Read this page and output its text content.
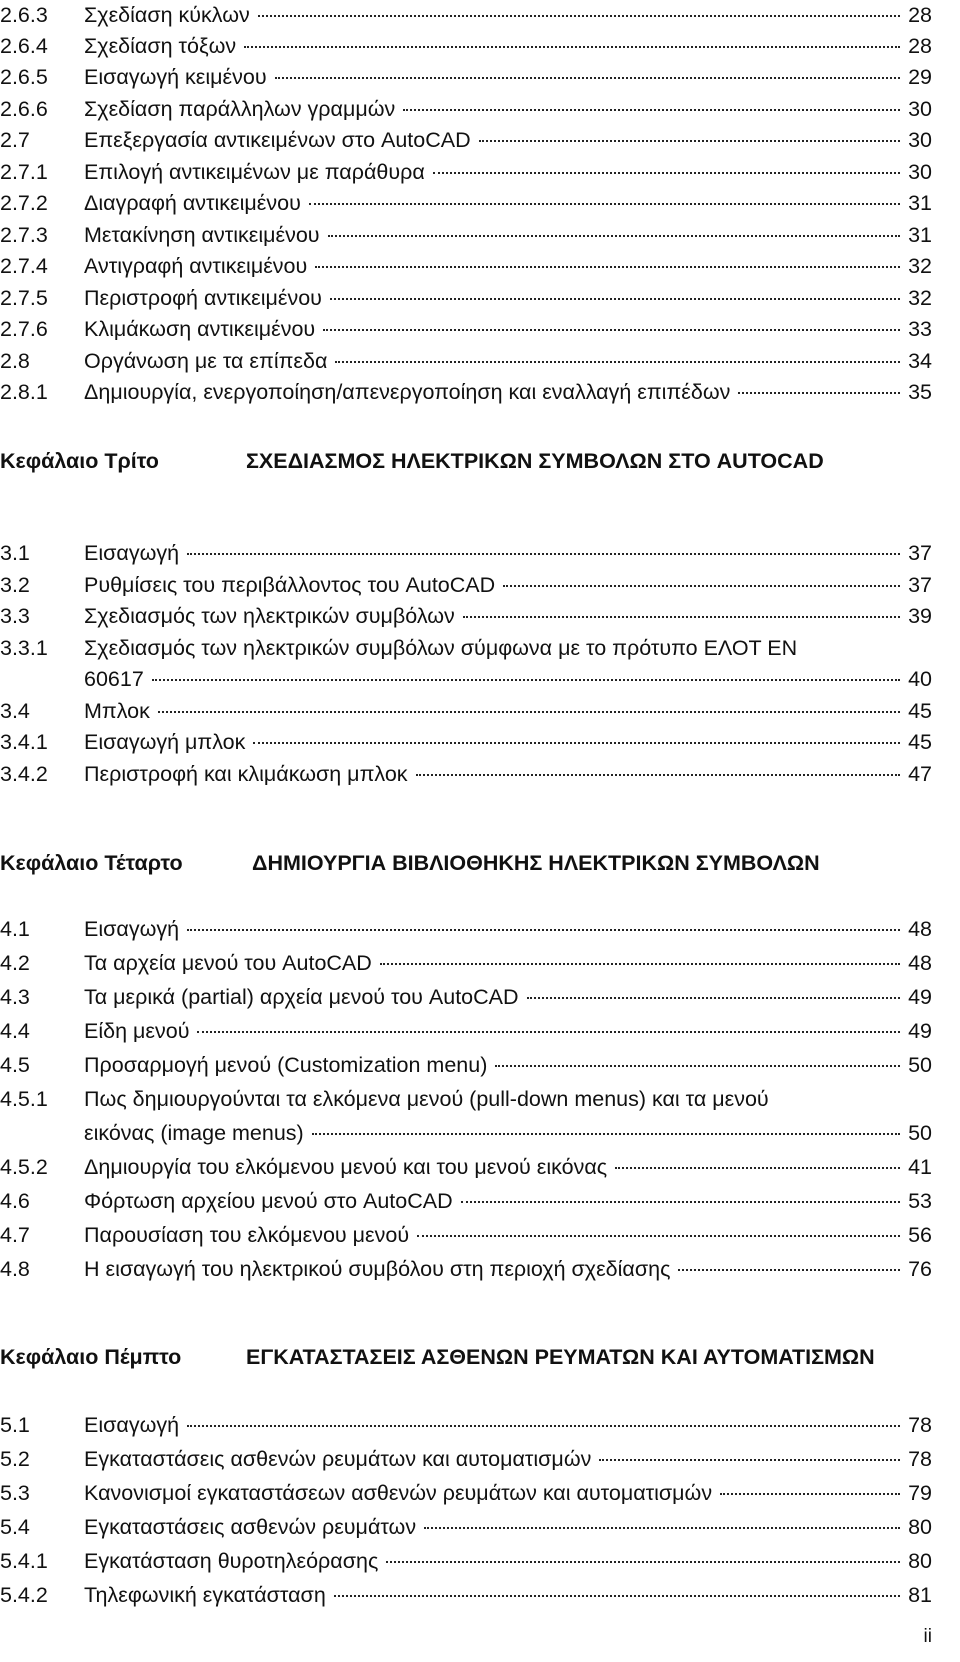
2.6.3 Σχεδίαση κύκλων	28
2.6.4 Σχεδίαση τόξων	28
2.6.5 Εισαγωγή κειμένου	29
2.6.6 Σχεδίαση παράλληλων γραμμών	30
2.7	Επεξεργασία αντικειμένων στο AutoCAD	30
2.7.1 Επιλογή αντικειμένων με παράθυρα	30
2.7.2 Διαγραφή αντικειμένου	31
2.7.3 Μετακίνηση αντικειμένου	31
2.7.4 Αντιγραφή αντικειμένου	32
2.7.5 Περιστροφή αντικειμένου	32
2.7.6 Κλιμάκωση αντικειμένου	33
2.8	Οργάνωση με τα επίπεδα	34
2.8.1 Δημιουργία, ενεργοποίηση/απενεργοποίηση και εναλλαγή επιπέδων	35
Κεφάλαιο Τρίτο	ΣΧΕΔΙΑΣΜΟΣ ΗΛΕΚΤΡΙΚΩΝ ΣΥΜΒΟΛΩΝ ΣΤΟ AUTOCAD
3.1	Εισαγωγή	37
3.2	Ρυθμίσεις του περιβάλλοντος του AutoCAD	37
3.3	Σχεδιασμός των ηλεκτρικών συμβόλων	39
3.3.1 Σχεδιασμός των ηλεκτρικών συμβόλων σύμφωνα με το πρότυπο ΕΛΟΤ ΕΝ
60617	40
3.4	Μπλοκ	45
3.4.1 Εισαγωγή μπλοκ	45
3.4.2 Περιστροφή και κλιμάκωση μπλοκ	47
Κεφάλαιο Τέταρτο	ΔΗΜΙΟΥΡΓΙΑ ΒΙΒΛΙΟΘΗΚΗΣ ΗΛΕΚΤΡΙΚΩΝ ΣΥΜΒΟΛΩΝ
4.1	Εισαγωγή	48
4.2	Τα αρχεία μενού του AutoCAD	48
4.3	Τα μερικά (partial) αρχεία μενού του AutoCAD	49
4.4	Είδη μενού	49
4.5	Προσαρμογή μενού (Customization menu)	50
4.5.1 Πως δημιουργούνται τα ελκόμενα μενού (pull-down menus) και τα μενού
εικόνας (image menus)	50
4.5.2 Δημιουργία του ελκόμενου μενού και του μενού εικόνας	41
4.6	Φόρτωση αρχείου μενού στο AutoCAD	53
4.7	Παρουσίαση του ελκόμενου μενού	56
4.8	Η εισαγωγή του ηλεκτρικού συμβόλου στη περιοχή σχεδίασης	76
Κεφάλαιο Πέμπτο	ΕΓΚΑΤΑΣΤΑΣΕΙΣ ΑΣΘΕΝΩΝ ΡΕΥΜΑΤΩΝ ΚΑΙ ΑΥΤΟΜΑΤΙΣΜΩΝ
5.1	Εισαγωγή	78
5.2	Εγκαταστάσεις ασθενών ρευμάτων και αυτοματισμών	78
5.3	Κανονισμοί εγκαταστάσεων ασθενών ρευμάτων και αυτοματισμών	79
5.4	Εγκαταστάσεις ασθενών ρευμάτων	80
5.4.1 Εγκατάσταση θυροτηλεόρασης	80
5.4.2 Τηλεφωνική εγκατάσταση	81
ii
